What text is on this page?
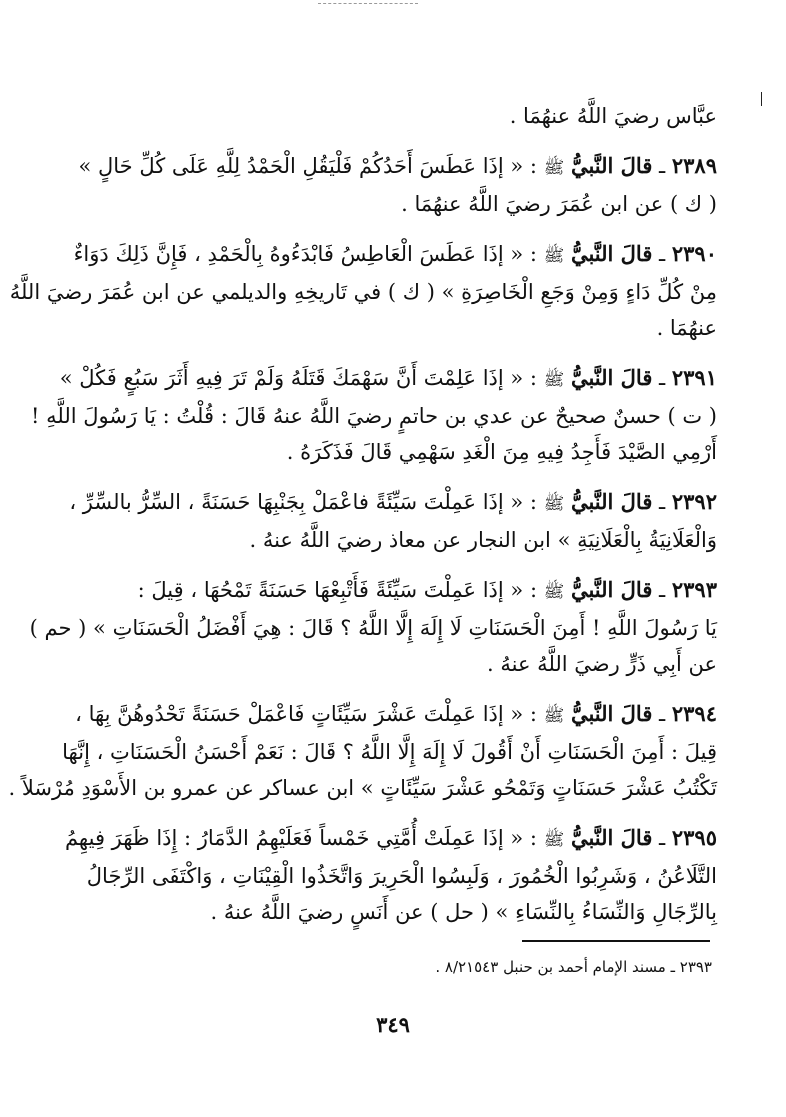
عبَّاس رضيَ اللَّهُ عنهُمَا .
٢٣٨٩ ـ قالَ النَّبيُّ ﷺ : « إذَا عَطَسَ أَحَدُكُمْ فَلْيَقُلِ الْحَمْدُ لِلَّهِ عَلَى كُلِّ حَالٍ »
( ك ) عن ابن عُمَرَ رضيَ اللَّهُ عنهُمَا .
٢٣٩٠ ـ قالَ النَّبيُّ ﷺ : « إذَا عَطَسَ الْعَاطِسُ فَابْدَءُوهُ بِالْحَمْدِ ، فَإِنَّ ذَلِكَ دَوَاءٌ
مِنْ كُلِّ دَاءٍ وَمِنْ وَجَعِ الْخَاصِرَةِ » ( ك ) في تَاريخِهِ والديلمي عن ابن عُمَرَ رضيَ اللَّهُ
عنهُمَا .
٢٣٩١ ـ قالَ النَّبيُّ ﷺ : « إذَا عَلِمْتَ أَنَّ سَهْمَكَ قَتَلَهُ وَلَمْ تَرَ فِيهِ أَثَرَ سَبُعٍ فَكُلْ »
( ت ) حسنٌ صحيحٌ عن عدي بن حاتمٍ رضيَ اللَّهُ عنهُ قَالَ : قُلْتُ : يَا رَسُولَ اللَّهِ !
أَرْمِي الصَّيْدَ فَأَجِدُ فِيهِ مِنَ الْغَدِ سَهْمِي قَالَ فَذَكَرَهُ .
٢٣٩٢ ـ قالَ النَّبيُّ ﷺ : « إذَا عَمِلْتَ سَيِّئَةً فاعْمَلْ بِجَنْبِهَا حَسَنَةً ، السِّرُّ بالسِّرِّ ،
وَالْعَلَانِيَةُ بِالْعَلَانِيَةِ » ابن النجار عن معاذ رضيَ اللَّهُ عنهُ .
٢٣٩٣ ـ قالَ النَّبيُّ ﷺ : « إذَا عَمِلْتَ سَيِّئَةً فَأَتْبِعْهَا حَسَنَةً تَمْحُهَا ، قِيلَ :
يَا رَسُولَ اللَّهِ ! أَمِنَ الْحَسَنَاتِ لَا إِلَهَ إِلَّا اللَّهُ ؟ قَالَ : هِيَ أَفْضَلُ الْحَسَنَاتِ » ( حم )
عن أَبِي ذَرٍّ رضيَ اللَّهُ عنهُ .
٢٣٩٤ ـ قالَ النَّبيُّ ﷺ : « إذَا عَمِلْتَ عَشْرَ سَيِّئَاتٍ فَاعْمَلْ حَسَنَةً تَحْدُوهُنَّ بِهَا ،
قِيلَ : أَمِنَ الْحَسَنَاتِ أَنْ أَقُولَ لَا إِلَهَ إِلَّا اللَّهُ ؟ قَالَ : نَعَمْ أَحْسَنُ الْحَسَنَاتِ ، إِنَّهَا
تَكْتُبُ عَشْرَ حَسَنَاتٍ وَتَمْحُو عَشْرَ سَيِّئَاتٍ » ابن عساكر عن عمرو بن الأَسْوَدِ مُرْسَلاً .
٢٣٩٥ ـ قالَ النَّبيُّ ﷺ : « إذَا عَمِلَتْ أُمَّتِي خَمْساً فَعَلَيْهِمُ الدَّمَارُ : إِذَا ظَهَرَ فِيهِمُ
التَّلَاعُنُ ، وَشَرِبُوا الْخُمُورَ ، وَلَبِسُوا الْحَرِيرَ وَاتَّخَذُوا الْقِيْنَاتِ ، وَاكْتَفَى الرِّجَالُ
بِالرِّجَالِ وَالنِّسَاءُ بِالنِّسَاءِ » ( حل ) عن أَنَسٍ رضيَ اللَّهُ عنهُ .
٢٣٩٣ ـ مسند الإمام أحمد بن حنبل ٨/٢١٥٤٣ .
٣٤٩
